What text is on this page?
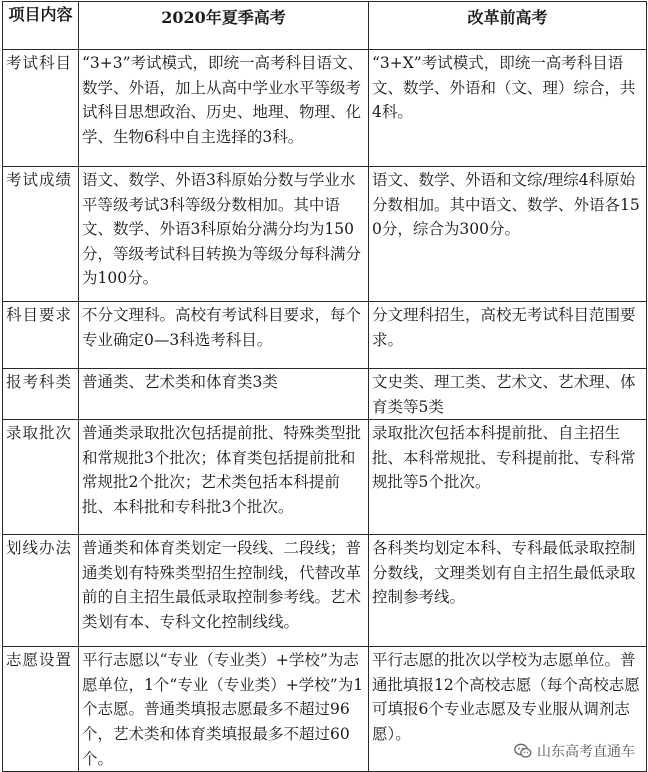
项目内容	2020年夏季高考	改革前高考
考试科目	“3+3”考试模式，即统一高考科目语文、数学、外语，加上从高中学业水平等级考试科目思想政治、历史、地理、物理、化学、生物6科中自主选择的3科。	“3+X”考试模式，即统一高考科目语文、数学、外语和（文、理）综合，共4科。
考试成绩	语文、数学、外语3科原始分数与学业水平等级考试3科等级分数相加。其中语文、数学、外语3科原始分满分均为150分，等级考试科目转换为等级分每科满分为100分。	语文、数学、外语和文综/理综4科原始分数相加。其中语文、数学、外语各150分，综合为300分。
科目要求	不分文理科。高校有考试科目要求，每个专业确定0—3科选考科目。	分文理科招生，高校无考试科目范围要求。
报考科类	普通类、艺术类和体育类3类	文史类、理工类、艺术文、艺术理、体育类等5类
录取批次	普通类录取批次包括提前批、特殊类型批和常规批3个批次；体育类包括提前批和常规批2个批次；艺术类包括本科提前批、本科批和专科批3个批次。	录取批次包括本科提前批、自主招生批、本科常规批、专科提前批、专科常规批等5个批次。
划线办法	普通类和体育类划定一段线、二段线；普通类划有特殊类型招生控制线，代替改革前的自主招生最低录取控制参考线。艺术类划有本、专科文化控制线线。	各科类均划定本科、专科最低录取控制分数线，文理类划有自主招生最低录取控制参考线。
志愿设置	平行志愿以“专业（专业类）+学校”为志愿单位，1个“专业（专业类）+学校”为1个志愿。普通类填报志愿最多不超过96个，艺术类和体育类填报最多不超过60个。	平行志愿的批次以学校为志愿单位。普通批填报12个高校志愿（每个高校志愿可填报6个专业志愿及专业服从调剂志愿）。
山东高考直通车
